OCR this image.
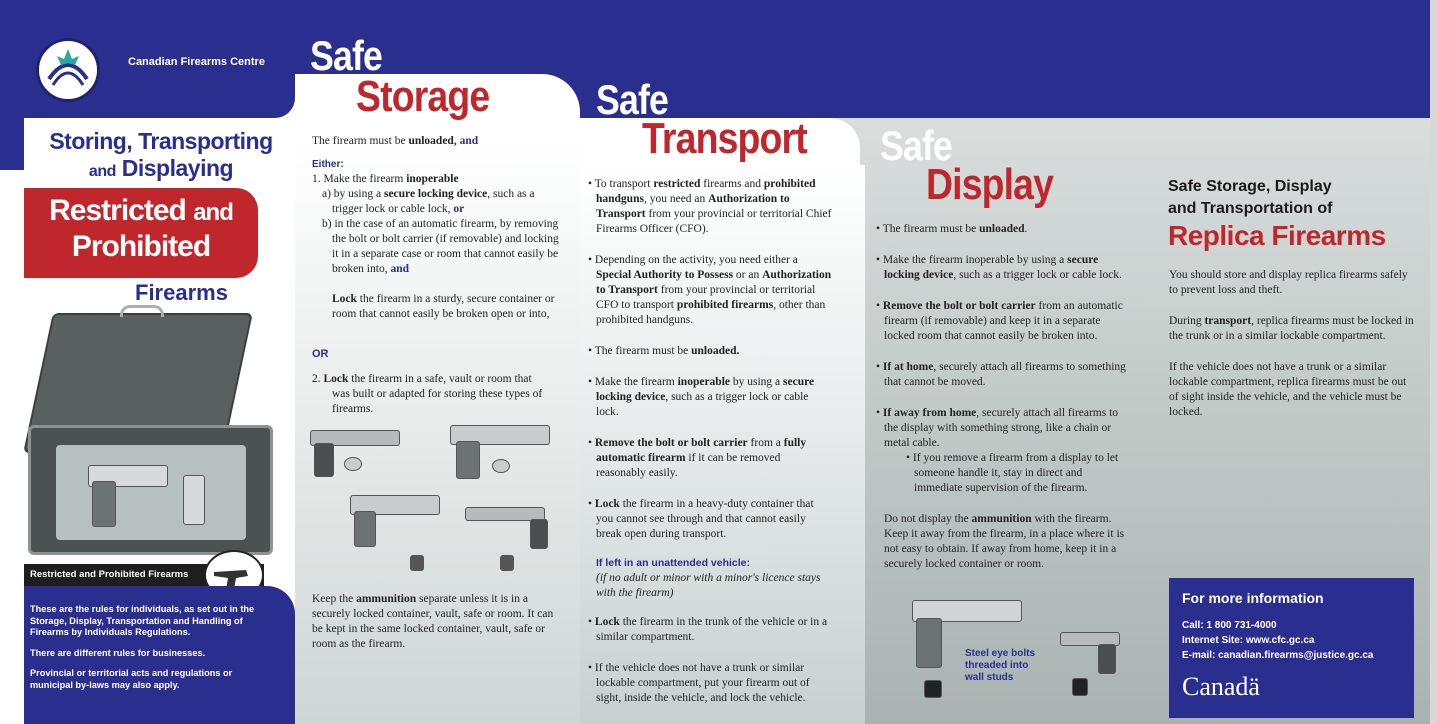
Canadian Firearms Centre
Storing, Transporting
and Displaying
Restricted and
Prohibited
Firearms
Restricted and Prohibited Firearms

These are the rules for individuals, as set out in the Storage, Display, Transportation and Handling of Firearms by Individuals Regulations.

There are different rules for businesses.

Provincial or territorial acts and regulations or municipal by-laws may also apply.

Safe
Storage

The firearm must be unloaded, and

Either:

1. Make the firearm inoperable

a) by using a secure locking device, such as a trigger lock or cable lock, or

b) in the case of an automatic firearm, by removing the bolt or bolt carrier (if removable) and locking it in a separate case or room that cannot easily be broken into, and

Lock the firearm in a sturdy, secure container or room that cannot easily be broken open or into,

OR

2. Lock the firearm in a safe, vault or room that was built or adapted for storing these types of firearms.

Keep the ammunition separate unless it is in a securely locked container, vault, safe or room. It can be kept in the same locked container, vault, safe or room as the firearm.

Safe
Transport

• To transport restricted firearms and prohibited handguns, you need an Authorization to Transport from your provincial or territorial Chief Firearms Officer (CFO).

• Depending on the activity, you need either a Special Authority to Possess or an Authorization to Transport from your provincial or territorial CFO to transport prohibited firearms, other than prohibited handguns.

• The firearm must be unloaded.

• Make the firearm inoperable by using a secure locking device, such as a trigger lock or cable lock.

• Remove the bolt or bolt carrier from a fully automatic firearm if it can be removed reasonably easily.

• Lock the firearm in a heavy-duty container that you cannot see through and that cannot easily break open during transport.

If left in an unattended vehicle:

(if no adult or minor with a minor's licence stays with the firearm)

• Lock the firearm in the trunk of the vehicle or in a similar compartment.

• If the vehicle does not have a trunk or similar lockable compartment, put your firearm out of sight, inside the vehicle, and lock the vehicle.

Safe
Display

• The firearm must be unloaded.

• Make the firearm inoperable by using a secure locking device, such as a trigger lock or cable lock.

• Remove the bolt or bolt carrier from an automatic firearm (if removable) and keep it in a separate locked room that cannot easily be broken into.

• If at home, securely attach all firearms to something that cannot be moved.

• If away from home, securely attach all firearms to the display with something strong, like a chain or metal cable.

• If you remove a firearm from a display to let someone handle it, stay in direct and immediate supervision of the firearm.

Do not display the ammunition with the firearm. Keep it away from the firearm, in a place where it is not easy to obtain. If away from home, keep it in a securely locked container or room.

Steel eye bolts threaded into wall studs
Safe Storage, Display
and Transportation of
Replica Firearms

You should store and display replica firearms safely to prevent loss and theft.

During transport, replica firearms must be locked in the trunk or in a similar lockable compartment.

If the vehicle does not have a trunk or a similar lockable compartment, replica firearms must be out of sight inside the vehicle, and the vehicle must be locked.

For more information
Call: 1 800 731-4000
Internet Site: www.cfc.gc.ca
E-mail: canadian.firearms@justice.gc.ca
Canadä
